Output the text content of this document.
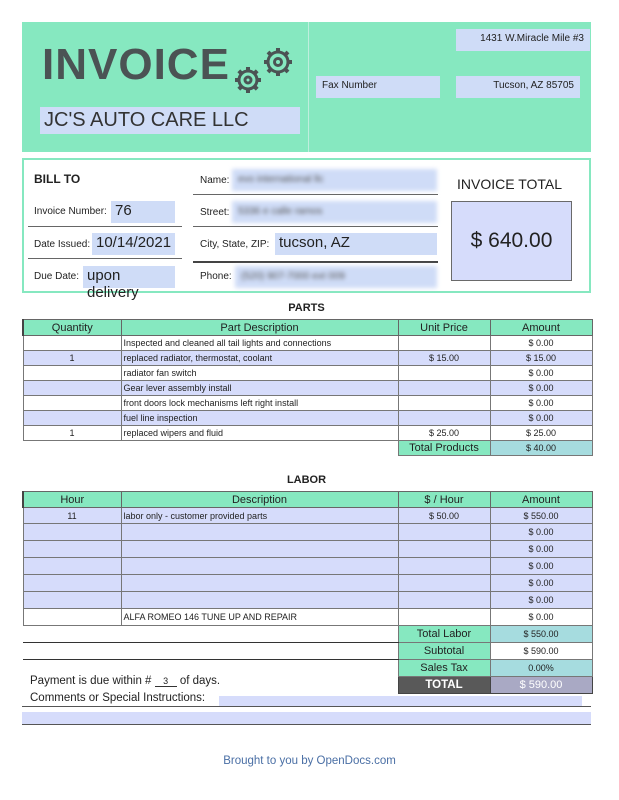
INVOICE
JC'S AUTO CARE LLC
1431 W.Miracle Mile #3
Fax Number	Tucson, AZ 85705
BILL TO
Invoice Number: 76
Date Issued: 10/14/2021
Due Date: upon delivery
Name: evo international llc
Street: 5336 e calle ramos
City, State, ZIP: tucson, AZ
Phone: (520) 907-7000 ext 009
INVOICE TOTAL
$ 640.00
PARTS
Quantity	Part Description	Unit Price	Amount
	Inspected and cleaned all tail lights and connections		$ 0.00
1	replaced radiator, thermostat, coolant	$ 15.00	$ 15.00
	radiator fan switch		$ 0.00
	Gear lever assembly install		$ 0.00
	front doors lock mechanisms left right install		$ 0.00
	fuel line inspection		$ 0.00
1	replaced wipers and fluid	$ 25.00	$ 25.00
		Total Products	$ 40.00
LABOR
Hour	Description	$ / Hour	Amount
11	labor only - customer provided parts	$ 50.00	$ 550.00
			$ 0.00
			$ 0.00
			$ 0.00
			$ 0.00
			$ 0.00
	ALFA ROMEO 146 TUNE UP AND REPAIR		$ 0.00
		Total Labor	$ 550.00
		Subtotal	$ 590.00
		Sales Tax	0.00%
		TOTAL	$ 590.00
Payment is due within # 3 of days.
Comments or Special Instructions:
Brought to you by OpenDocs.com
